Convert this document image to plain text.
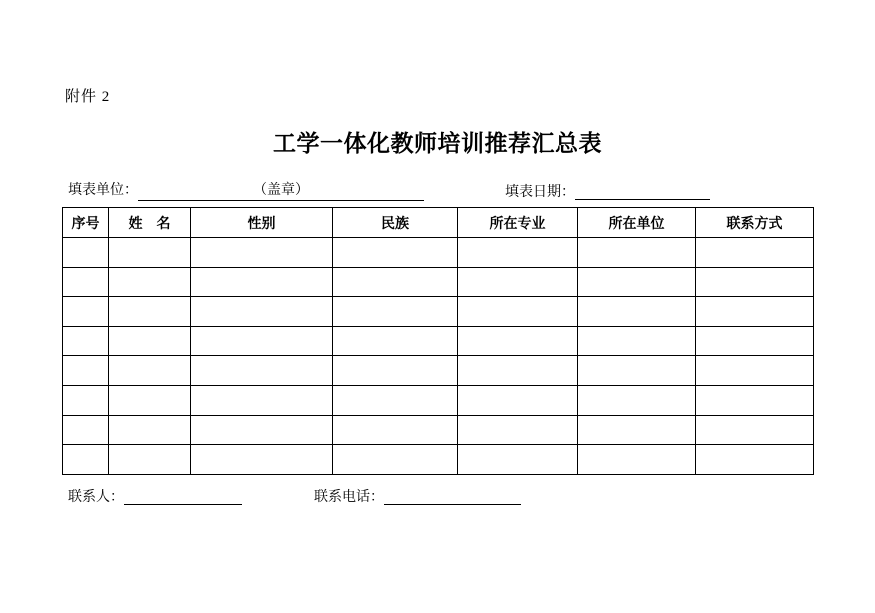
附件 2
工学一体化教师培训推荐汇总表
填表单位：	（盖章）	填表日期：
序号	姓　名	性别	民族	所在专业	所在单位	联系方式

联系人：	联系电话：
